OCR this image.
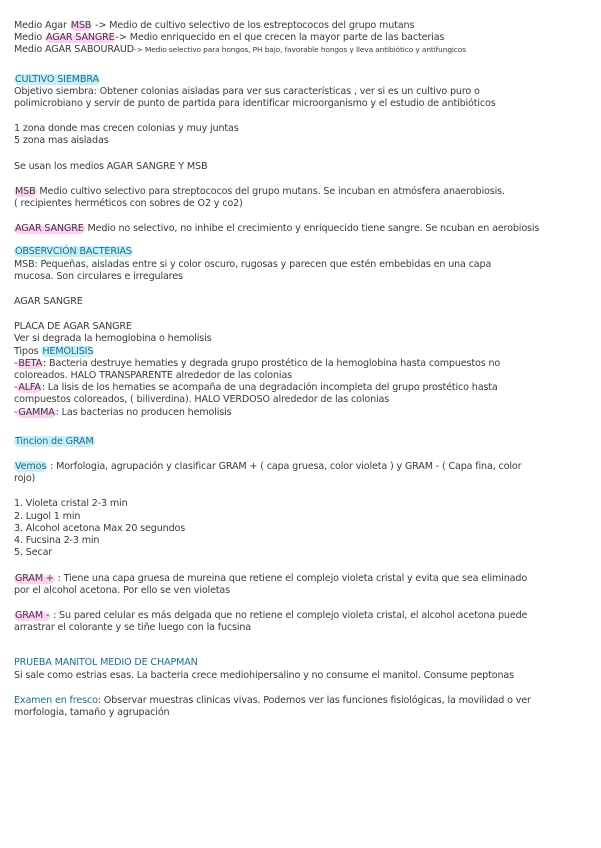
Medio Agar MSB -> Medio de cultivo selectivo de los estreptococos del grupo mutans
Medio AGAR SANGRE-> Medio enriquecido en el que crecen la mayor parte de las bacterias
Medio AGAR SABOURAUD-> Medio selectivo para hongos, PH bajo, favorable hongos y lleva antibiótico y antifungicos
CULTIVO SIEMBRA
Objetivo siembra: Obtener colonias aisladas para ver sus características , ver si es un cultivo puro o
polimicrobiano y servir de punto de partida para identificar microorganismo y el estudio de antibióticos
1 zona donde mas crecen colonias y muy juntas
5 zona mas aisladas
Se usan los medios AGAR SANGRE Y MSB
MSB Medio cultivo selectivo para streptococos del grupo mutans. Se incuban en atmósfera anaerobiosis.
( recipientes herméticos con sobres de O2 y co2)
AGAR SANGRE Medio no selectivo, no inhibe el crecimiento y enriquecido tiene sangre. Se ncuban en aerobiosis
OBSERVCIÓN BACTERIAS
MSB: Pequeñas, aisladas entre si y color oscuro, rugosas y parecen que estén embebidas en una capa
mucosa. Son circulares e irregulares
AGAR SANGRE
PLACA DE AGAR SANGRE
Ver si degrada la hemoglobina o hemolisis
Tipos HEMOLISIS
-BETA: Bacteria destruye hematies y degrada grupo prostético de la hemoglobina hasta compuestos no
coloreados. HALO TRANSPARENTE alrededor de las colonias
-ALFA: La lisis de los hematies se acompaña de una degradación incompleta del grupo prostético hasta
compuestos coloreados, ( biliverdina). HALO VERDOSO alrededor de las colonias
-GAMMA: Las bacterias no producen hemolisis
Tincion de GRAM
Vemos : Morfologia, agrupación y clasificar GRAM + ( capa gruesa, color violeta ) y GRAM - ( Capa fina, color
rojo)
1. Violeta cristal 2-3 min
2. Lugol 1 min
3. Alcohol acetona Max 20 segundos
4. Fucsina 2-3 min
5. Secar
GRAM + : Tiene una capa gruesa de mureina que retiene el complejo violeta cristal y evita que sea eliminado
por el alcohol acetona. Por ello se ven violetas
GRAM - : Su pared celular es más delgada que no retiene el complejo violeta cristal, el alcohol acetona puede
arrastrar el colorante y se tiñe luego con la fucsina
PRUEBA MANITOL MEDIO DE CHAPMAN
Si sale como estrias esas. La bacteria crece mediohipersalino y no consume el manitol. Consume peptonas
Examen en fresco: Observar muestras clinicas vivas. Podemos ver las funciones fisiológicas, la movilidad o ver
morfologia, tamaño y agrupación
